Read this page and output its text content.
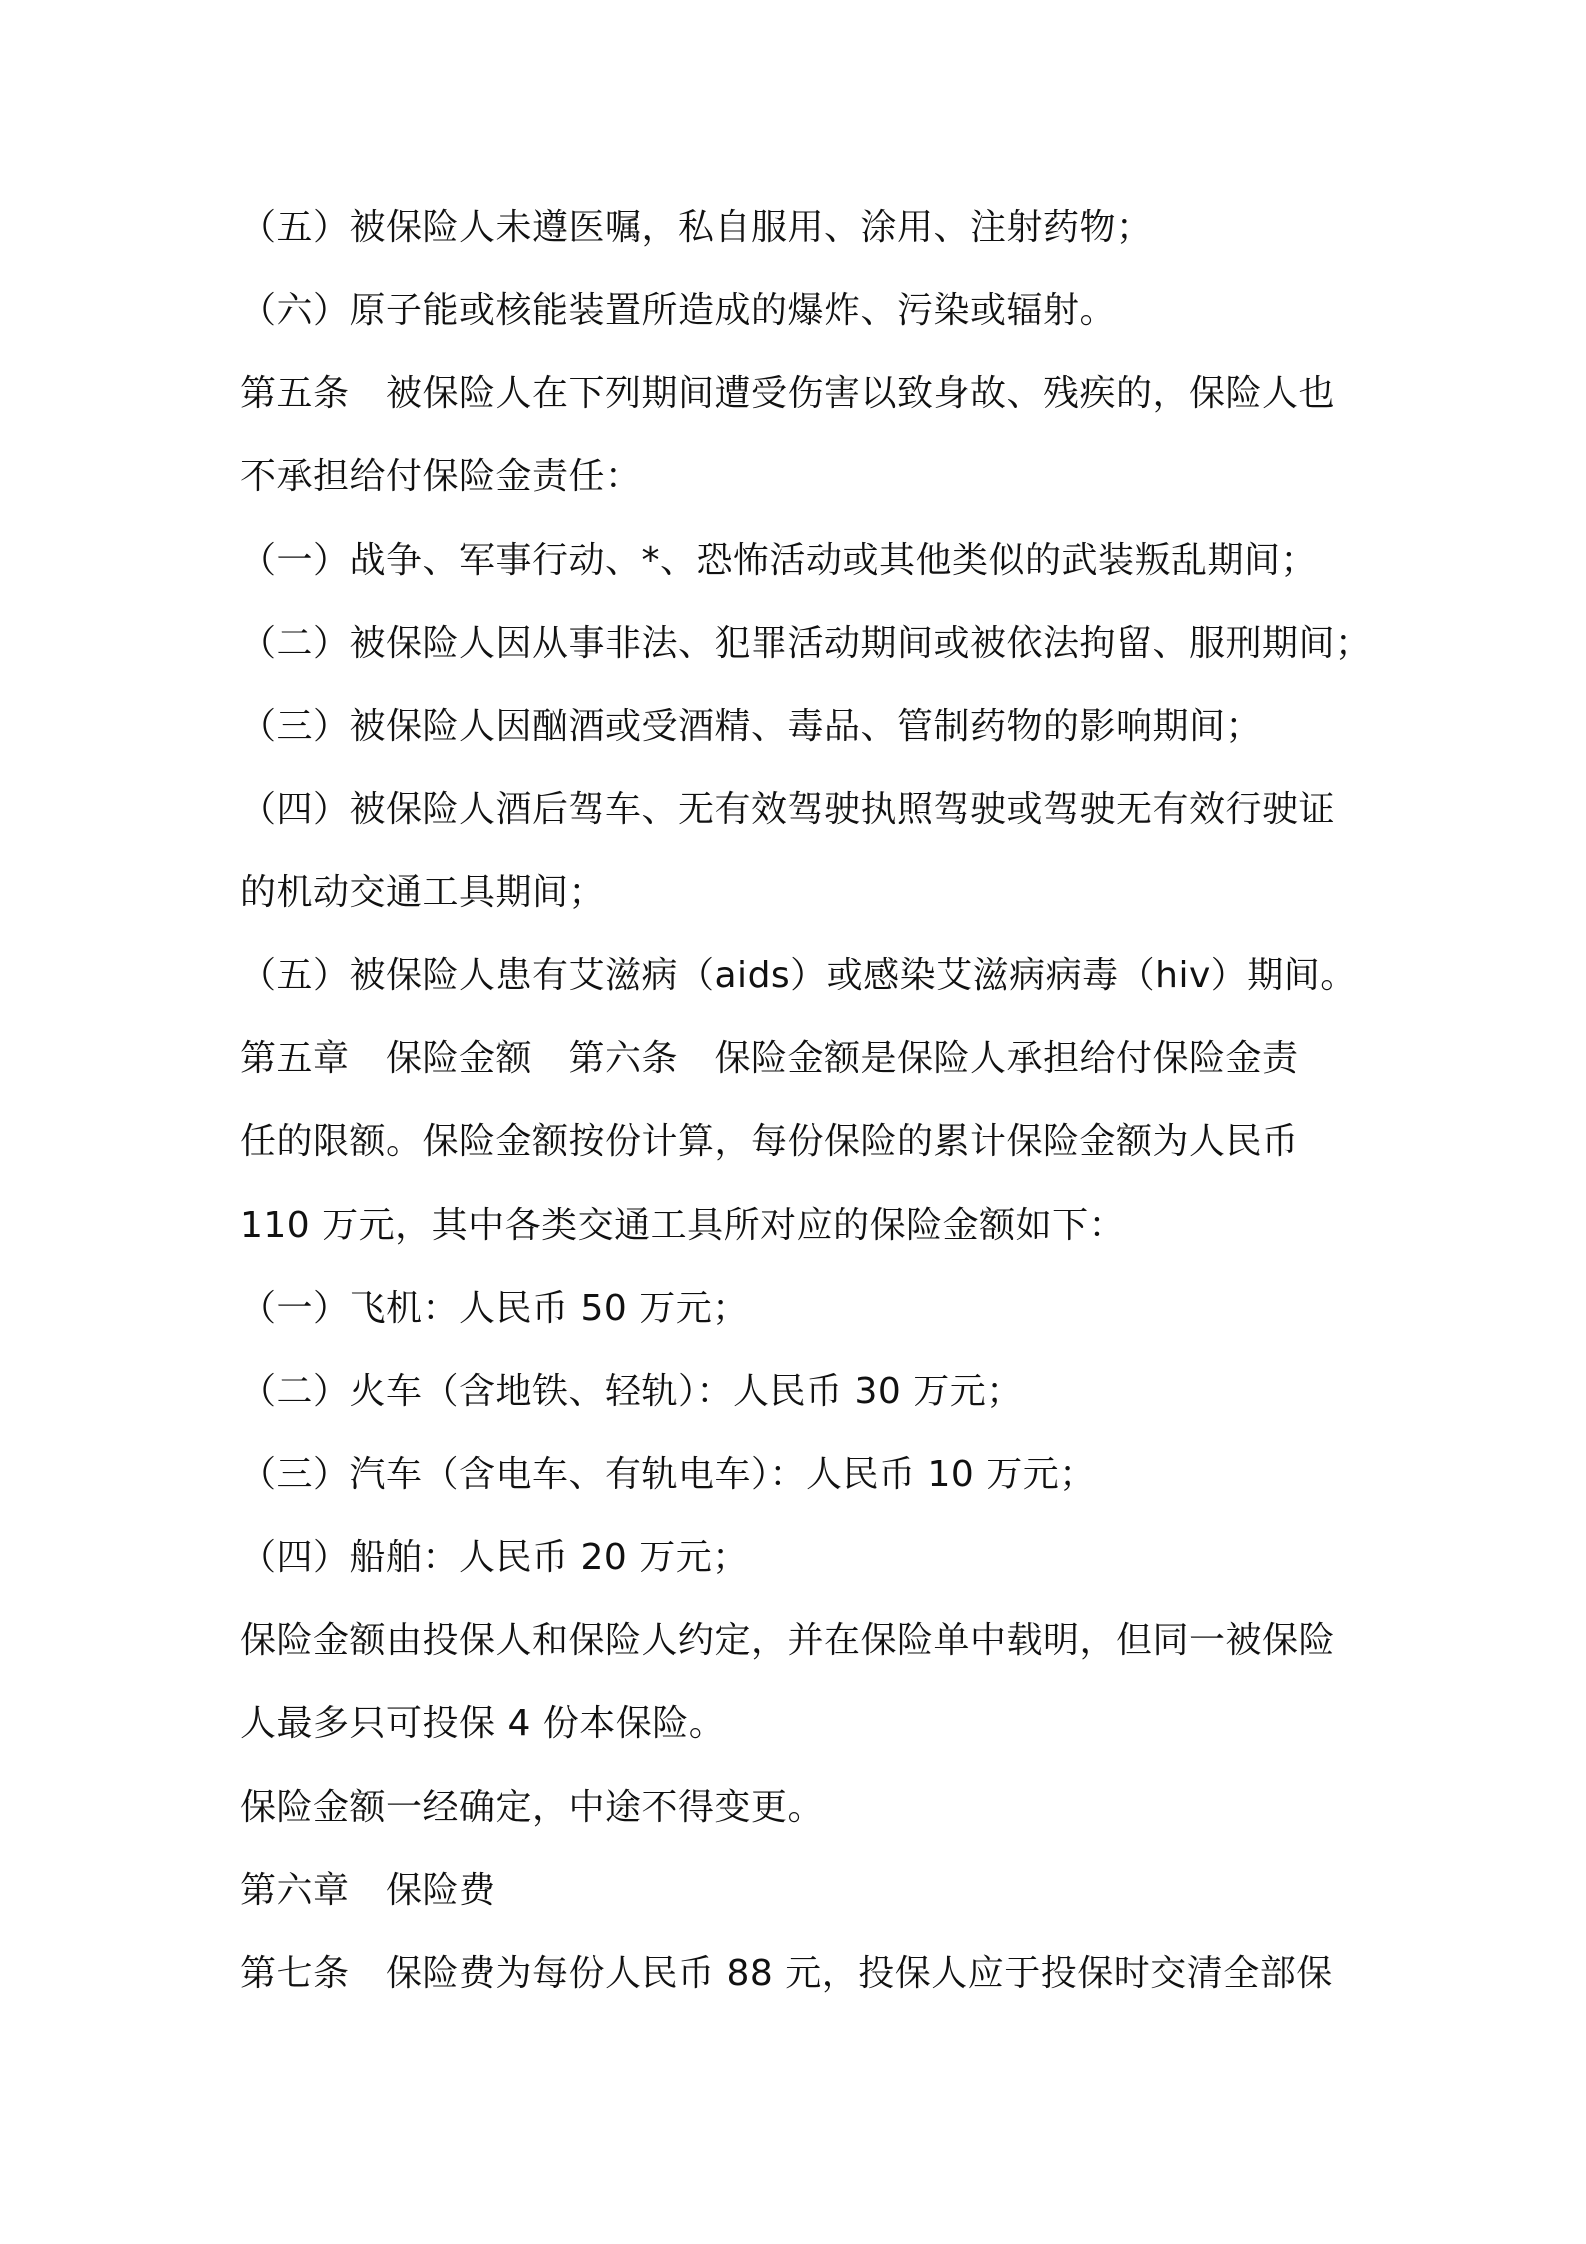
（五）被保险人未遵医嘱，私自服用、涂用、注射药物；
（六）原子能或核能装置所造成的爆炸、污染或辐射。
第五条　被保险人在下列期间遭受伤害以致身故、残疾的，保险人也
不承担给付保险金责任：
（一）战争、军事行动、*、恐怖活动或其他类似的武装叛乱期间；
（二）被保险人因从事非法、犯罪活动期间或被依法拘留、服刑期间；
（三）被保险人因酗酒或受酒精、毒品、管制药物的影响期间；
（四）被保险人酒后驾车、无有效驾驶执照驾驶或驾驶无有效行驶证
的机动交通工具期间；
（五）被保险人患有艾滋病（aids）或感染艾滋病病毒（hiv）期间。
第五章　保险金额　第六条　保险金额是保险人承担给付保险金责
任的限额。保险金额按份计算，每份保险的累计保险金额为人民币
110 万元，其中各类交通工具所对应的保险金额如下：
（一）飞机：人民币 50 万元；
（二）火车（含地铁、轻轨）：人民币 30 万元；
（三）汽车（含电车、有轨电车）：人民币 10 万元；
（四）船舶：人民币 20 万元；
保险金额由投保人和保险人约定，并在保险单中载明，但同一被保险
人最多只可投保 4 份本保险。
保险金额一经确定，中途不得变更。
第六章　保险费
第七条　保险费为每份人民币 88 元，投保人应于投保时交清全部保
